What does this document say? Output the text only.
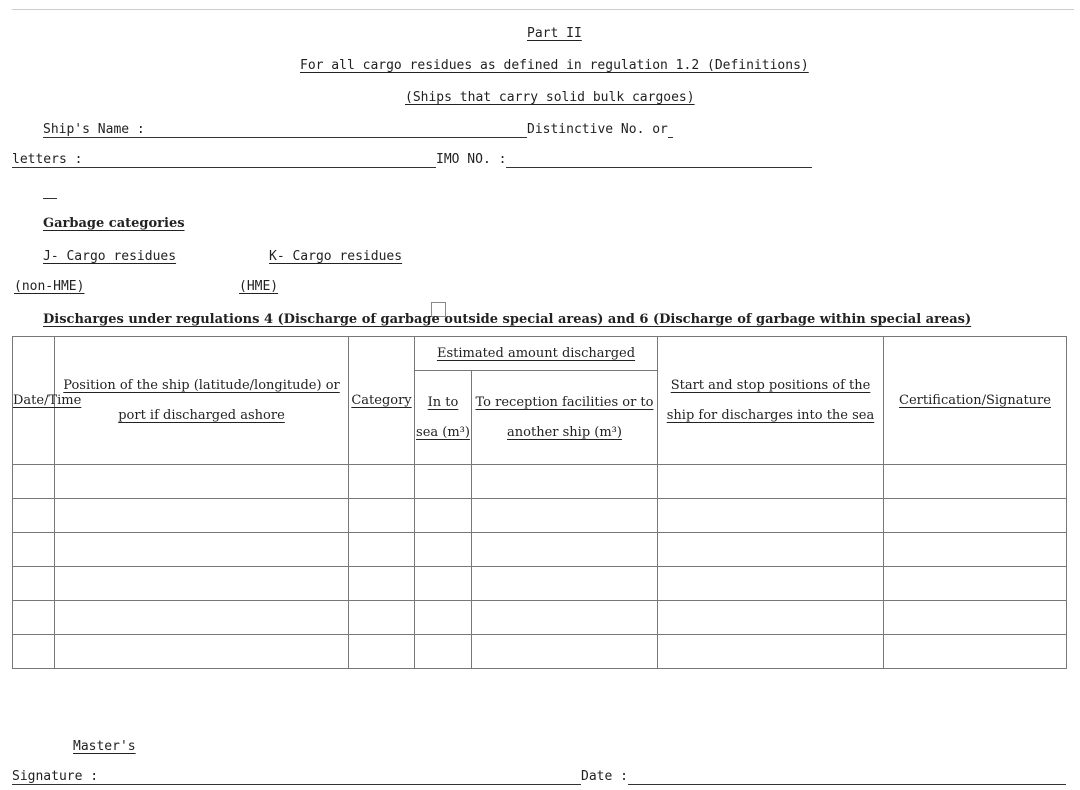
Part II
For all cargo residues as defined in regulation 1.2 (Definitions)
(Ships that carry solid bulk cargoes)
Ship's Name :	Distinctive No. or
letters :	IMO NO. :
Garbage categories
J- Cargo residues	K- Cargo residues
(non-HME)	(HME)
Discharges under regulations 4 (Discharge of garbage outside special areas) and 6 (Discharge of garbage within special areas)
Date/Time	Position of the ship (latitude/longitude) or port if discharged ashore	Category	Estimated amount discharged		Start and stop positions of the ship for discharges into the sea	Certification/Signature
			In to sea (m³)	To reception facilities or to another ship (m³)		

Master's
Signature :	Date :
